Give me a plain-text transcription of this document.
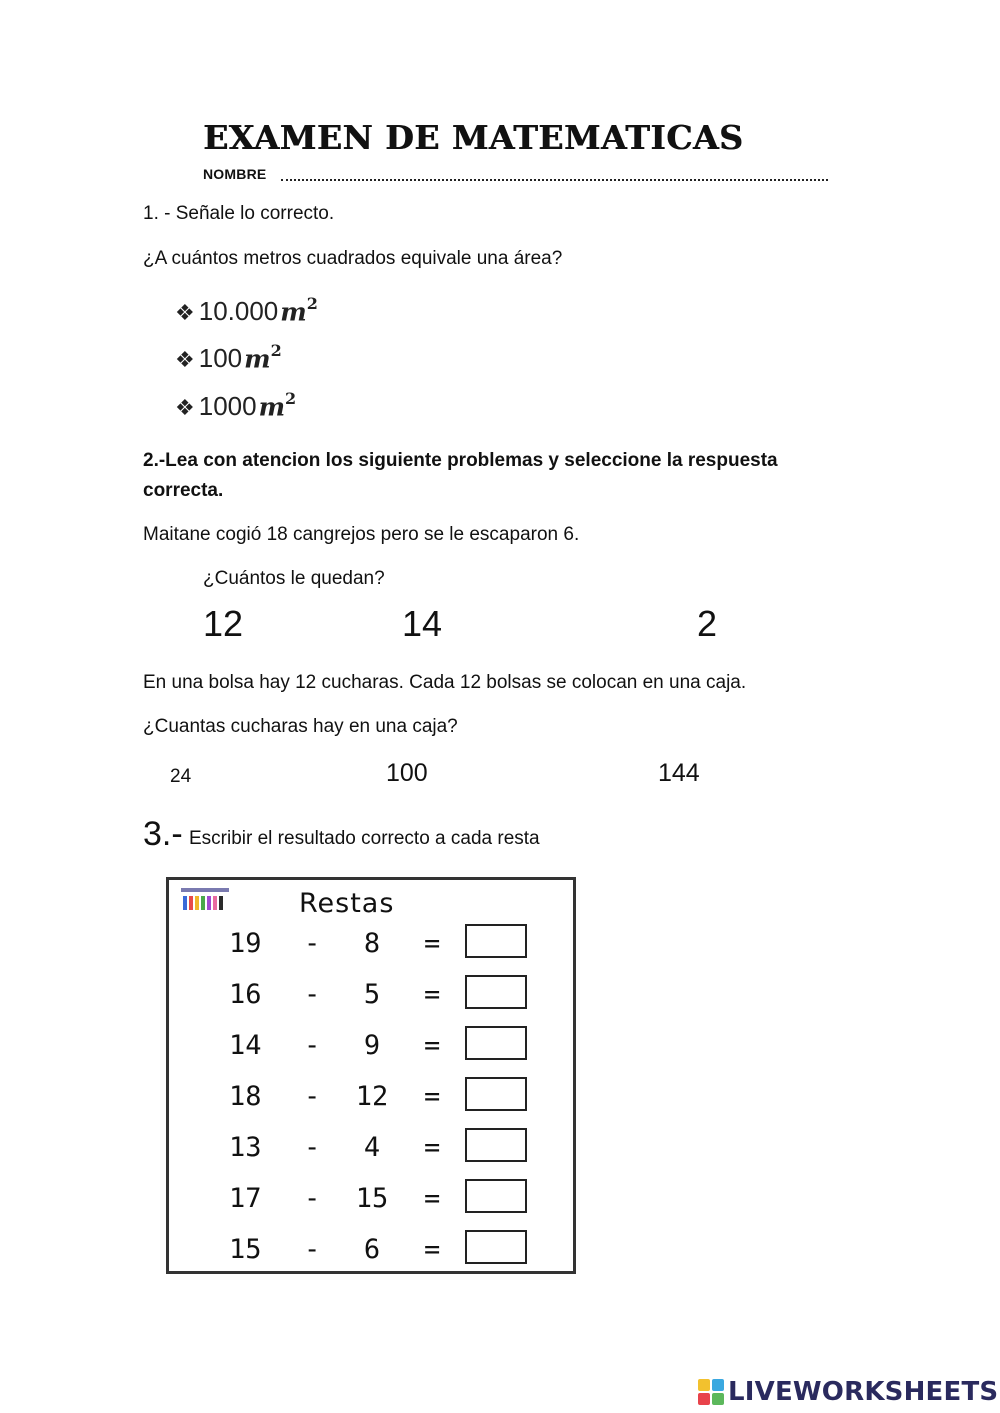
EXAMEN DE MATEMATICAS
NOMBRE
1. - Señale lo correcto.
¿A cuántos metros cuadrados equivale una área?
❖ 10.000 $m^2$
❖ 100 $m^2$
❖ 1000 $m^2$
2.-Lea con atencion los siguiente problemas y seleccione la respuesta
correcta.
Maitane cogió 18 cangrejos pero se le escaparon 6.
¿Cuántos le quedan?
12	14	2
En una bolsa hay 12 cucharas. Cada 12 bolsas se colocan en una caja.
¿Cuantas cucharas hay en una caja?
24	100	144
3.- Escribir el resultado correcto a cada resta
Restas
19 -	8	=
16 -	5	=
14 -	9	=
18 -	12	=
13 -	4	=
17 -	15	=
15 -	6	=
LIVEWORKSHEETS
